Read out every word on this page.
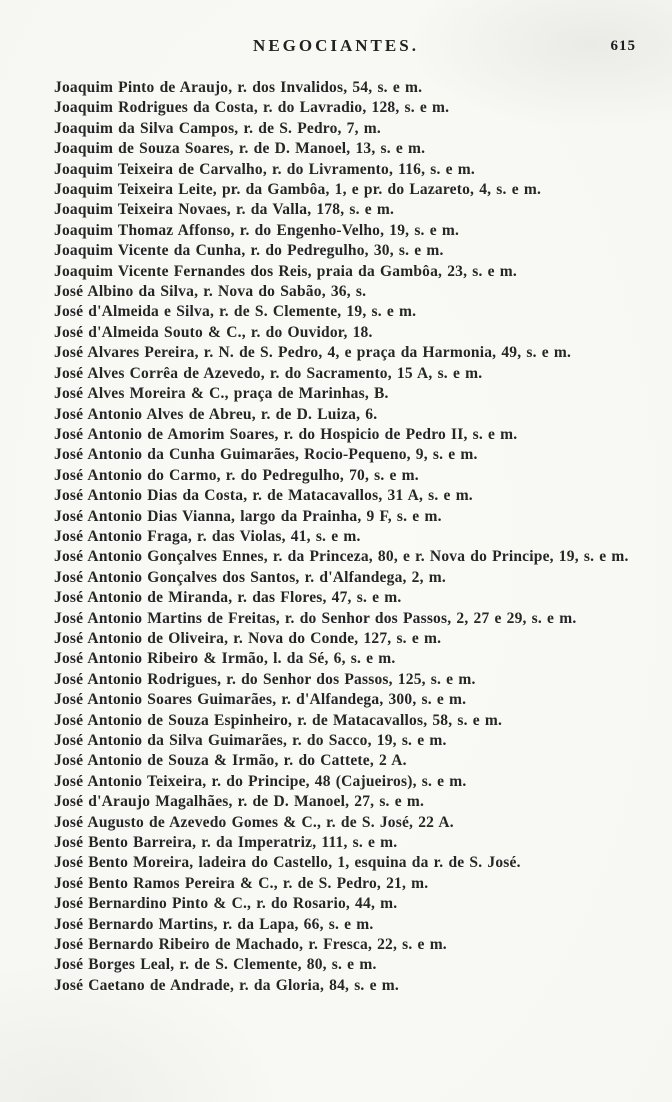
NEGOCIANTES.	615
Joaquim Pinto de Araujo, r. dos Invalidos, 54, s. e m.
Joaquim Rodrigues da Costa, r. do Lavradio, 128, s. e m.
Joaquim da Silva Campos, r. de S. Pedro, 7, m.
Joaquim de Souza Soares, r. de D. Manoel, 13, s. e m.
Joaquim Teixeira de Carvalho, r. do Livramento, 116, s. e m.
Joaquim Teixeira Leite, pr. da Gambôa, 1, e pr. do Lazareto, 4, s. e m.
Joaquim Teixeira Novaes, r. da Valla, 178, s. e m.
Joaquim Thomaz Affonso, r. do Engenho-Velho, 19, s. e m.
Joaquim Vicente da Cunha, r. do Pedregulho, 30, s. e m.
Joaquim Vicente Fernandes dos Reis, praia da Gambôa, 23, s. e m.
José Albino da Silva, r. Nova do Sabão, 36, s.
José d'Almeida e Silva, r. de S. Clemente, 19, s. e m.
José d'Almeida Souto & C., r. do Ouvidor, 18.
José Alvares Pereira, r. N. de S. Pedro, 4, e praça da Harmonia, 49, s. e m.
José Alves Corrêa de Azevedo, r. do Sacramento, 15 A, s. e m.
José Alves Moreira & C., praça de Marinhas, B.
José Antonio Alves de Abreu, r. de D. Luiza, 6.
José Antonio de Amorim Soares, r. do Hospicio de Pedro II, s. e m.
José Antonio da Cunha Guimarães, Rocio-Pequeno, 9, s. e m.
José Antonio do Carmo, r. do Pedregulho, 70, s. e m.
José Antonio Dias da Costa, r. de Matacavallos, 31 A, s. e m.
José Antonio Dias Vianna, largo da Prainha, 9 F, s. e m.
José Antonio Fraga, r. das Violas, 41, s. e m.
José Antonio Gonçalves Ennes, r. da Princeza, 80, e r. Nova do Principe, 19, s. e m.
José Antonio Gonçalves dos Santos, r. d'Alfandega, 2, m.
José Antonio de Miranda, r. das Flores, 47, s. e m.
José Antonio Martins de Freitas, r. do Senhor dos Passos, 2, 27 e 29, s. e m.
José Antonio de Oliveira, r. Nova do Conde, 127, s. e m.
José Antonio Ribeiro & Irmão, l. da Sé, 6, s. e m.
José Antonio Rodrigues, r. do Senhor dos Passos, 125, s. e m.
José Antonio Soares Guimarães, r. d'Alfandega, 300, s. e m.
José Antonio de Souza Espinheiro, r. de Matacavallos, 58, s. e m.
José Antonio da Silva Guimarães, r. do Sacco, 19, s. e m.
José Antonio de Souza & Irmão, r. do Cattete, 2 A.
José Antonio Teixeira, r. do Principe, 48 (Cajueiros), s. e m.
José d'Araujo Magalhães, r. de D. Manoel, 27, s. e m.
José Augusto de Azevedo Gomes & C., r. de S. José, 22 A.
José Bento Barreira, r. da Imperatriz, 111, s. e m.
José Bento Moreira, ladeira do Castello, 1, esquina da r. de S. José.
José Bento Ramos Pereira & C., r. de S. Pedro, 21, m.
José Bernardino Pinto & C., r. do Rosario, 44, m.
José Bernardo Martins, r. da Lapa, 66, s. e m.
José Bernardo Ribeiro de Machado, r. Fresca, 22, s. e m.
José Borges Leal, r. de S. Clemente, 80, s. e m.
José Caetano de Andrade, r. da Gloria, 84, s. e m.
